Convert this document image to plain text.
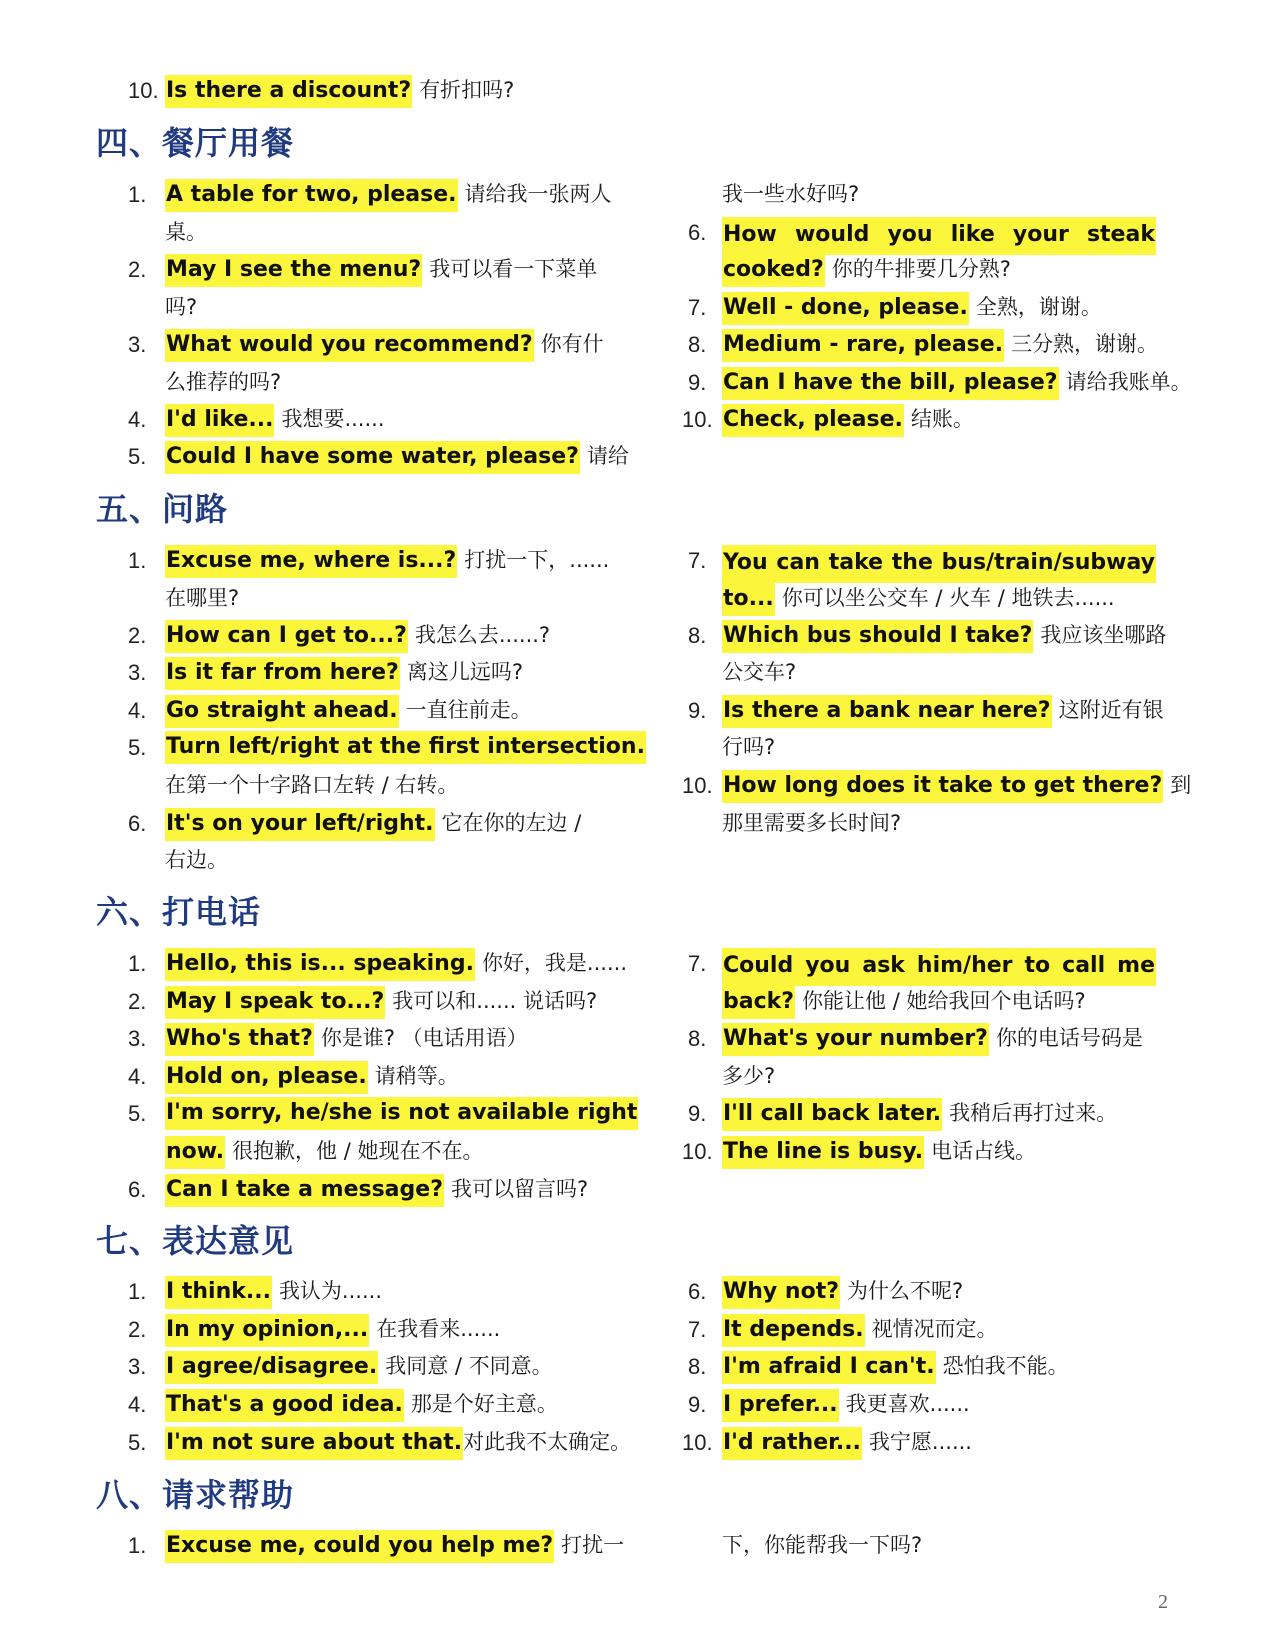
10. Is there a discount? 有折扣吗?
四、餐厅用餐
1. A table for two, please. 请给我一张两人
桌。
2. May I see the menu? 我可以看一下菜单
吗?
3. What would you recommend? 你有什
么推荐的吗?
4. I'd like... 我想要......
5. Could I have some water, please? 请给
我一些水好吗?
6. How would you like your steak
cooked? 你的牛排要几分熟?
7. Well - done, please. 全熟，谢谢。
8. Medium - rare, please. 三分熟，谢谢。
9. Can I have the bill, please? 请给我账单。
10. Check, please. 结账。
五、问路
1. Excuse me, where is...? 打扰一下，......
在哪里?
2. How can I get to...? 我怎么去......?
3. Is it far from here? 离这儿远吗?
4. Go straight ahead. 一直往前走。
5. Turn left/right at the first intersection.
在第一个十字路口左转 / 右转。
6. It's on your left/right. 它在你的左边 /
右边。
7. You can take the bus/train/subway
to... 你可以坐公交车 / 火车 / 地铁去......
8. Which bus should I take? 我应该坐哪路
公交车?
9. Is there a bank near here? 这附近有银
行吗?
10. How long does it take to get there? 到
那里需要多长时间?
六、打电话
1. Hello, this is... speaking. 你好，我是......
2. May I speak to...? 我可以和...... 说话吗?
3. Who's that? 你是谁? （电话用语）
4. Hold on, please. 请稍等。
5. I'm sorry, he/she is not available right
now. 很抱歉，他 / 她现在不在。
6. Can I take a message? 我可以留言吗?
7. Could you ask him/her to call me
back? 你能让他 / 她给我回个电话吗?
8. What's your number? 你的电话号码是
多少?
9. I'll call back later. 我稍后再打过来。
10. The line is busy. 电话占线。
七、表达意见
1. I think... 我认为......
2. In my opinion,... 在我看来......
3. I agree/disagree. 我同意 / 不同意。
4. That's a good idea. 那是个好主意。
5. I'm not sure about that.对此我不太确定。
6. Why not? 为什么不呢?
7. It depends. 视情况而定。
8. I'm afraid I can't. 恐怕我不能。
9. I prefer... 我更喜欢......
10. I'd rather... 我宁愿......
八、请求帮助
1. Excuse me, could you help me? 打扰一	下，你能帮我一下吗?
2
